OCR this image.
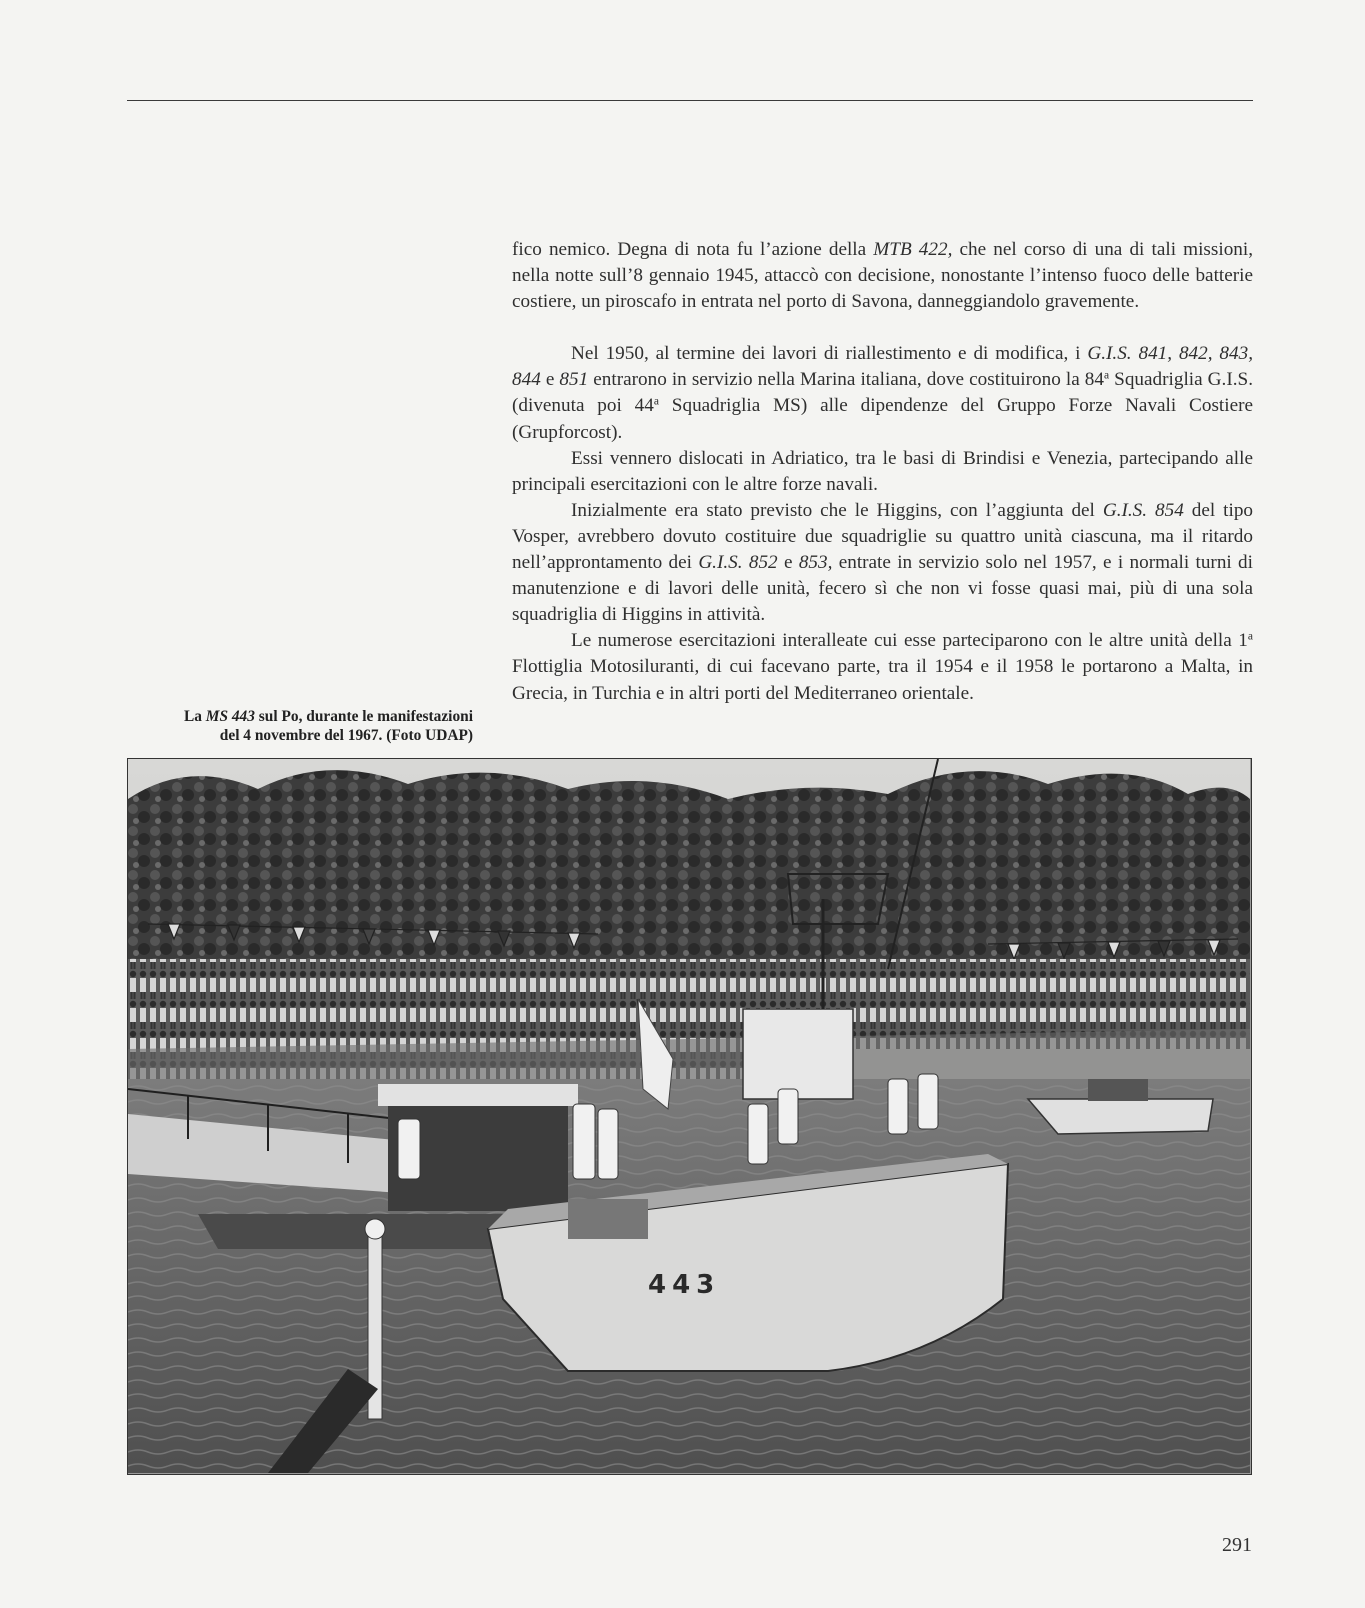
fico nemico. Degna di nota fu l’azione della MTB 422, che nel corso di una di tali missioni, nella notte sull’8 gennaio 1945, attaccò con decisione, nonostante l’intenso fuoco delle batterie costiere, un piroscafo in entrata nel porto di Savona, danneggiandolo gravemente.

Nel 1950, al termine dei lavori di riallestimento e di modifica, i G.I.S. 841, 842, 843, 844 e 851 entrarono in servizio nella Marina italiana, dove costituirono la 84$^a$ Squadriglia G.I.S. (divenuta poi 44$^a$ Squadriglia MS) alle dipendenze del Gruppo Forze Navali Costiere (Grupforcost).

Essi vennero dislocati in Adriatico, tra le basi di Brindisi e Venezia, partecipando alle principali esercitazioni con le altre forze navali.

Inizialmente era stato previsto che le Higgins, con l’aggiunta del G.I.S. 854 del tipo Vosper, avrebbero dovuto costituire due squadriglie su quattro unità ciascuna, ma il ritardo nell’approntamento dei G.I.S. 852 e 853, entrate in servizio solo nel 1957, e i normali turni di manutenzione e di lavori delle unità, fecero sì che non vi fosse quasi mai, più di una sola squadriglia di Higgins in attività.

Le numerose esercitazioni interalleate cui esse parteciparono con le altre unità della 1$^a$ Flottiglia Motosiluranti, di cui facevano parte, tra il 1954 e il 1958 le portarono a Malta, in Grecia, in Turchia e in altri porti del Mediterraneo orientale.

La MS 443 sul Po, durante le manifestazioni
del 4 novembre del 1967. (Foto UDAP)
443
291
